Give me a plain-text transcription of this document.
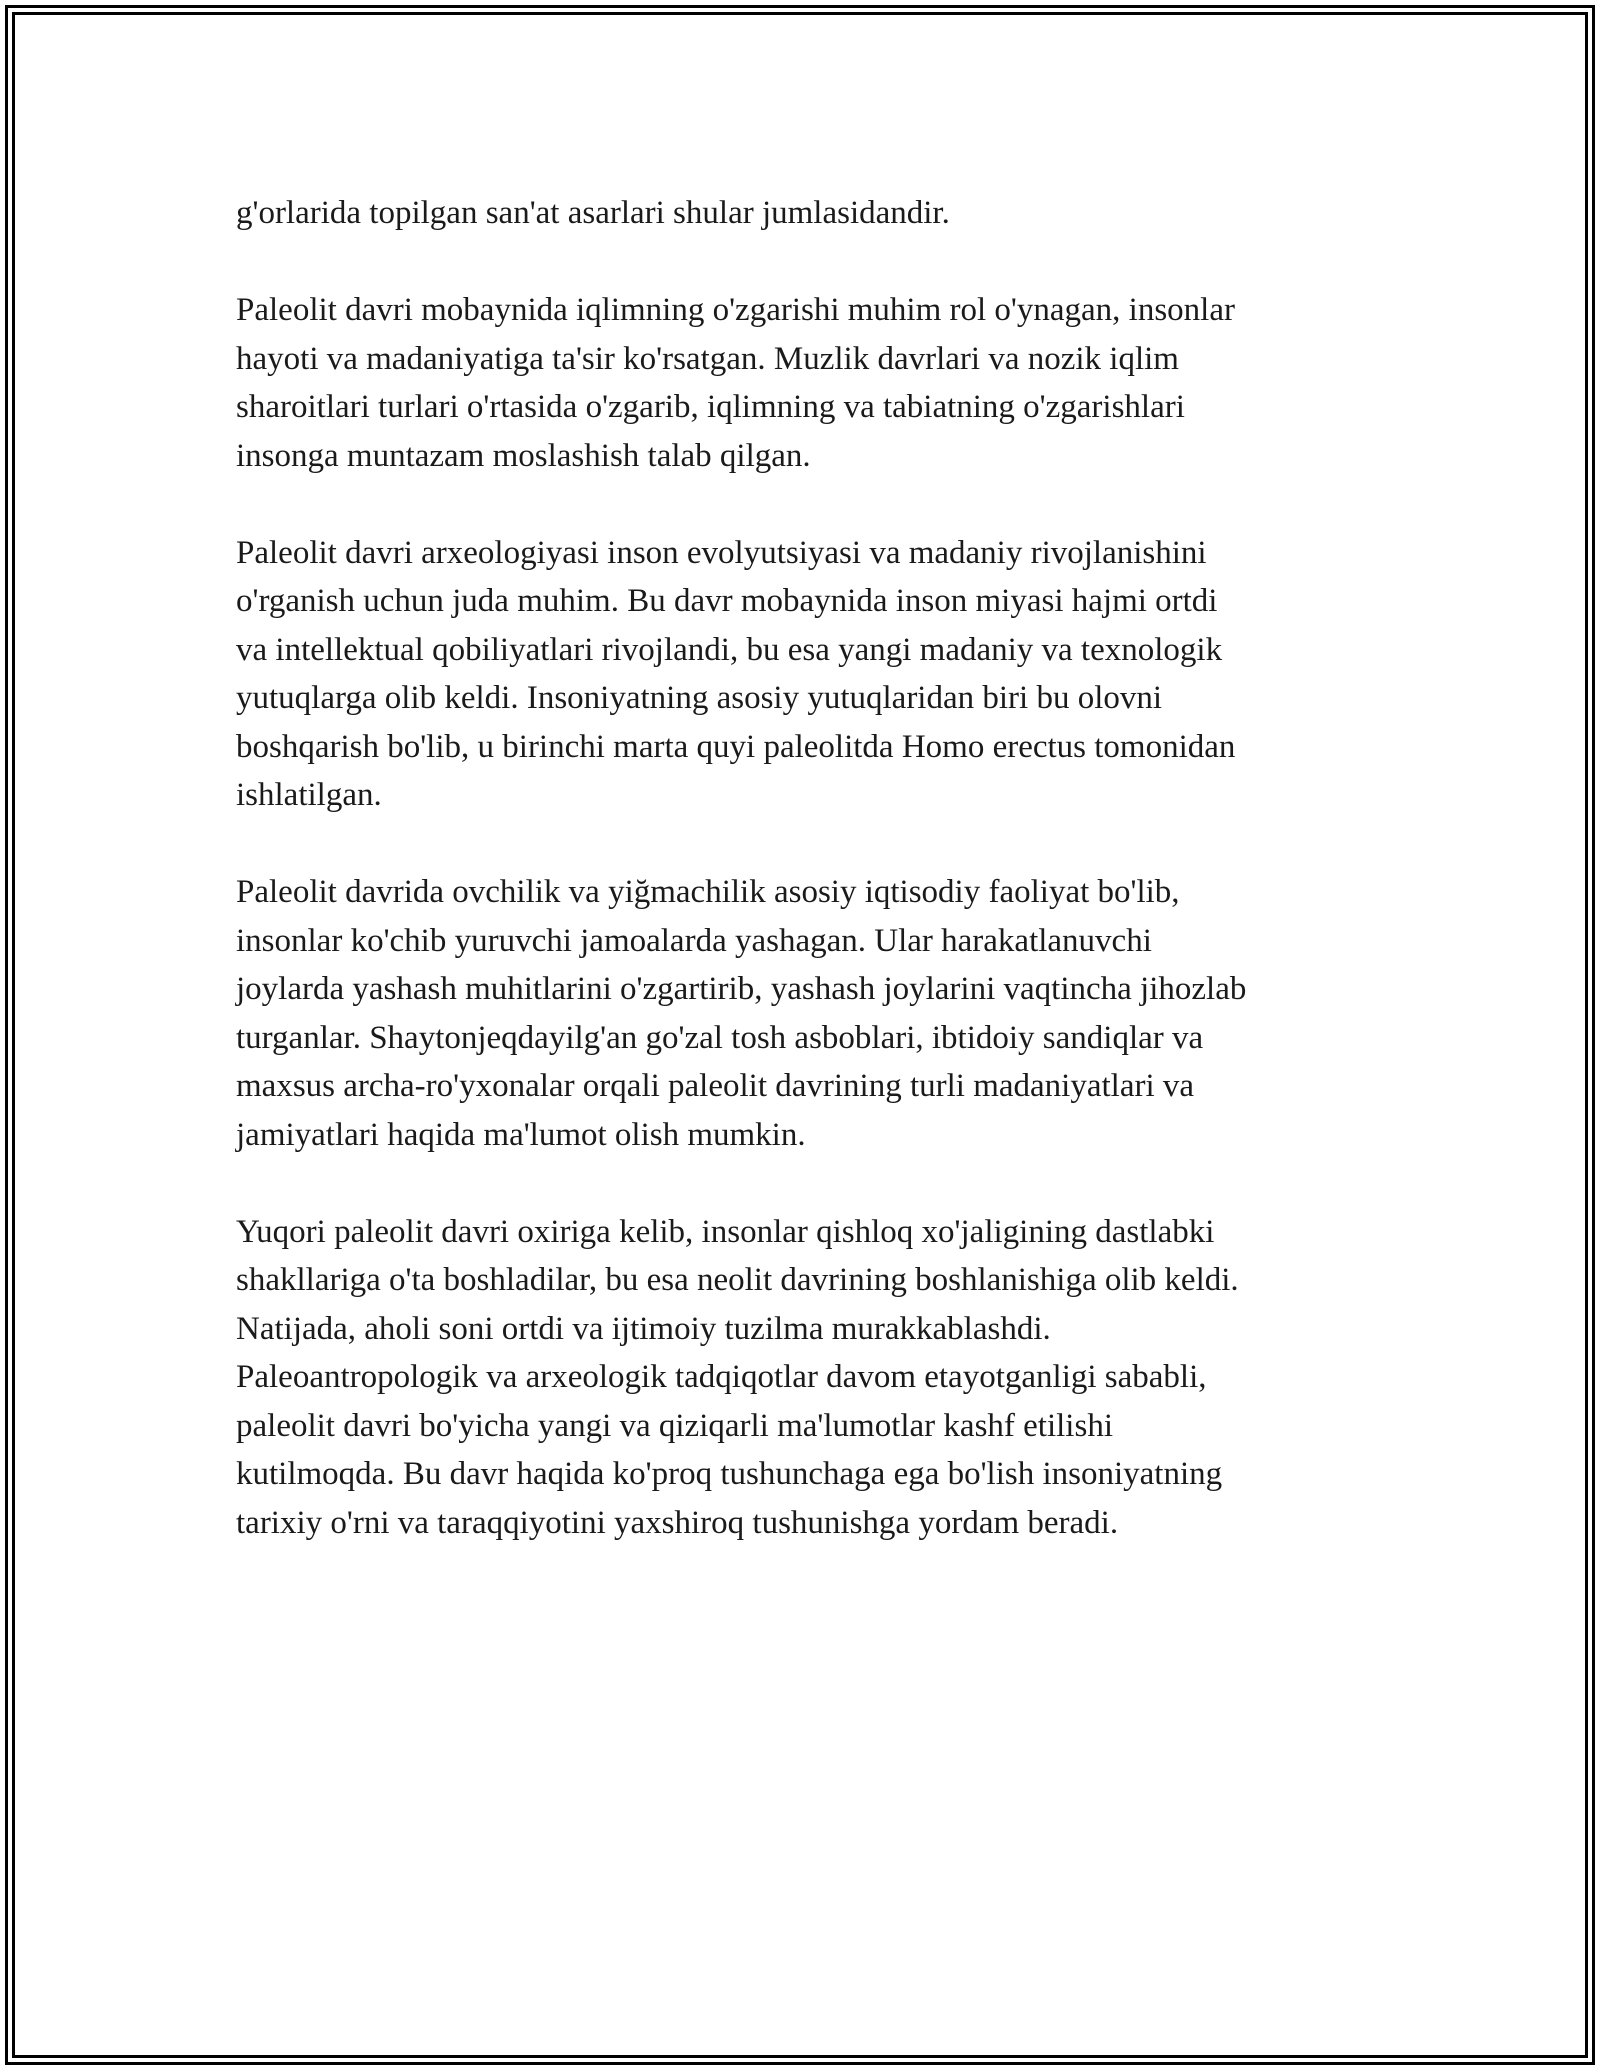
g'orlarida topilgan san'at asarlari shular jumlasidandir.

Paleolit davri mobaynida iqlimning o'zgarishi muhim rol o'ynagan, insonlar
hayoti va madaniyatiga ta'sir ko'rsatgan. Muzlik davrlari va nozik iqlim
sharoitlari turlari o'rtasida o'zgarib, iqlimning va tabiatning o'zgarishlari
insonga muntazam moslashish talab qilgan.

Paleolit davri arxeologiyasi inson evolyutsiyasi va madaniy rivojlanishini
o'rganish uchun juda muhim. Bu davr mobaynida inson miyasi hajmi ortdi
va intellektual qobiliyatlari rivojlandi, bu esa yangi madaniy va texnologik
yutuqlarga olib keldi. Insoniyatning asosiy yutuqlaridan biri bu olovni
boshqarish bo'lib, u birinchi marta quyi paleolitda Homo erectus tomonidan
ishlatilgan.

Paleolit davrida ovchilik va yiğmachilik asosiy iqtisodiy faoliyat bo'lib,
insonlar ko'chib yuruvchi jamoalarda yashagan. Ular harakatlanuvchi
joylarda yashash muhitlarini o'zgartirib, yashash joylarini vaqtincha jihozlab
turganlar. Shaytonjeqdayilg'an go'zal tosh asboblari, ibtidoiy sandiqlar va
maxsus archa-ro'yxonalar orqali paleolit davrining turli madaniyatlari va
jamiyatlari haqida ma'lumot olish mumkin.

Yuqori paleolit davri oxiriga kelib, insonlar qishloq xo'jaligining dastlabki
shakllariga o'ta boshladilar, bu esa neolit davrining boshlanishiga olib keldi.
Natijada, aholi soni ortdi va ijtimoiy tuzilma murakkablashdi.
Paleoantropologik va arxeologik tadqiqotlar davom etayotganligi sababli,
paleolit davri bo'yicha yangi va qiziqarli ma'lumotlar kashf etilishi
kutilmoqda. Bu davr haqida ko'proq tushunchaga ega bo'lish insoniyatning
tarixiy o'rni va taraqqiyotini yaxshiroq tushunishga yordam beradi.
